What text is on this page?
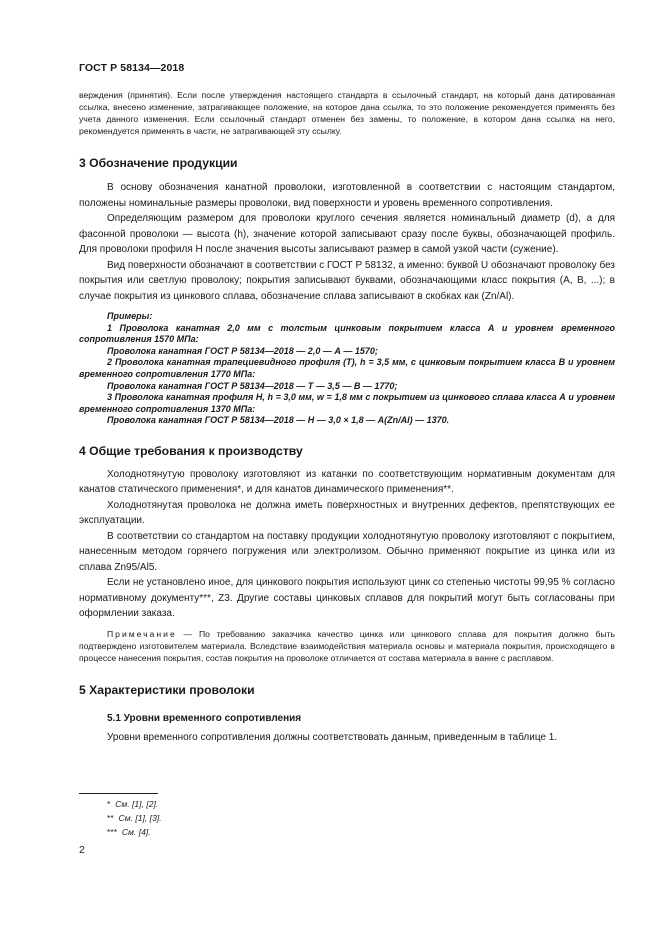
ГОСТ Р 58134—2018

верждения (принятия). Если после утверждения настоящего стандарта в ссылочный стандарт, на который дана датированная ссылка, внесено изменение, затрагивающее положение, на которое дана ссылка, то это положение рекомендуется применять без учета данного изменения. Если ссылочный стандарт отменен без замены, то положение, в котором дана ссылка на него, рекомендуется применять в части, не затрагивающей эту ссылку.

3 Обозначение продукции

В основу обозначения канатной проволоки, изготовленной в соответствии с настоящим стандартом, положены номинальные размеры проволоки, вид поверхности и уровень временного сопротивления.

Определяющим размером для проволоки круглого сечения является номинальный диаметр (d), а для фасонной проволоки — высота (h), значение которой записывают сразу после буквы, обозначающей профиль. Для проволоки профиля Н после значения высоты записывают размер в самой узкой части (сужение).

Вид поверхности обозначают в соответствии с ГОСТ Р 58132, а именно: буквой U обозначают проволоку без покрытия или светлую проволоку; покрытия записывают буквами, обозначающими класс покрытия (А, В, ...); в случае покрытия из цинкового сплава, обозначение сплава записывают в скобках как (Zn/Al).

Примеры:

1 Проволока канатная 2,0 мм с толстым цинковым покрытием класса А и уровнем временного сопротивления 1570 МПа:

Проволока канатная ГОСТ Р 58134—2018 — 2,0 — А — 1570;

2 Проволока канатная трапециевидного профиля (Т), h = 3,5 мм, с цинковым покрытием класса В и уровнем временного сопротивления 1770 МПа:

Проволока канатная ГОСТ Р 58134—2018 — Т — 3,5 — В — 1770;

3 Проволока канатная профиля Н, h = 3,0 мм, w = 1,8 мм с покрытием из цинкового сплава класса А и уровнем временного сопротивления 1370 МПа:

Проволока канатная ГОСТ Р 58134—2018 — Н — 3,0 × 1,8 — A(Zn/Al) — 1370.

4 Общие требования к производству

Холоднотянутую проволоку изготовляют из катанки по соответствующим нормативным документам для канатов статического применения*, и для канатов динамического применения**.

Холоднотянутая проволока не должна иметь поверхностных и внутренних дефектов, препятствующих ее эксплуатации.

В соответствии со стандартом на поставку продукции холоднотянутую проволоку изготовляют с покрытием, нанесенным методом горячего погружения или электролизом. Обычно применяют покрытие из цинка или из сплава Zn95/Al5.

Если не установлено иное, для цинкового покрытия используют цинк со степенью чистоты 99,95 % согласно нормативному документу***, Z3. Другие составы цинковых сплавов для покрытий могут быть согласованы при оформлении заказа.

Примечание — По требованию заказчика качество цинка или цинкового сплава для покрытия должно быть подтверждено изготовителем материала. Вследствие взаимодействия материала основы и материала покрытия, происходящего в процессе нанесения покрытия, состав покрытия на проволоке отличается от состава материала в ванне с расплавом.

5 Характеристики проволоки
5.1 Уровни временного сопротивления

Уровни временного сопротивления должны соответствовать данным, приведенным в таблице 1.

* См. [1], [2].
** См. [1], [3].
*** См. [4].
2
